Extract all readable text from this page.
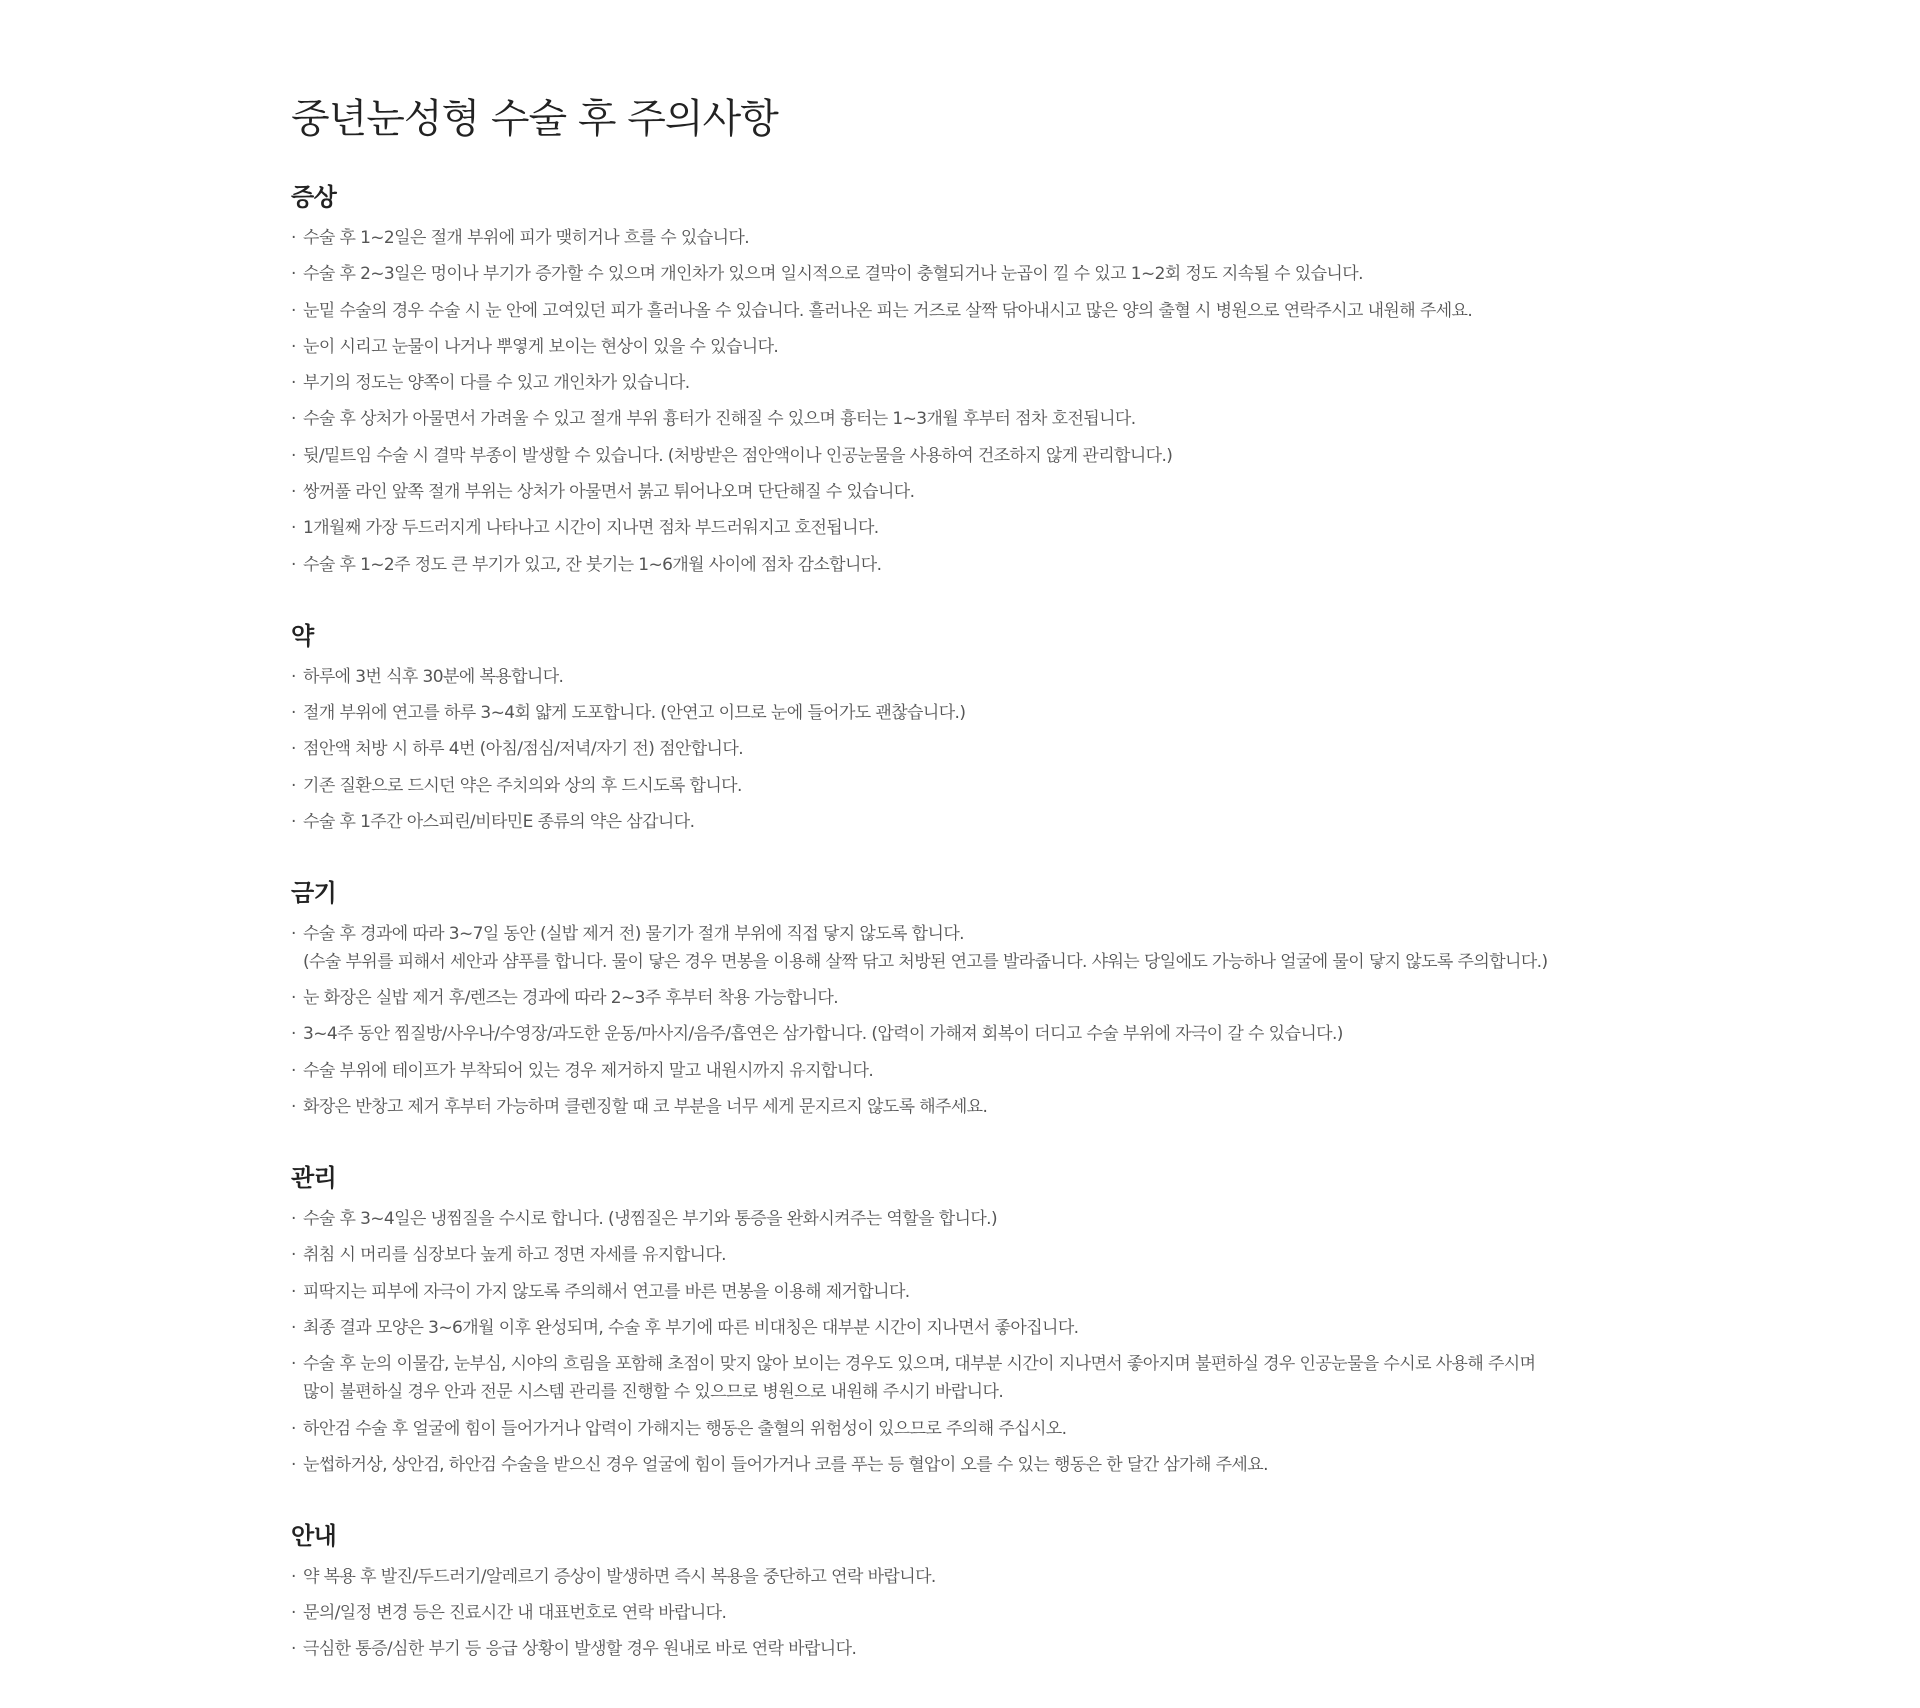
중년눈성형 수술 후 주의사항
증상
· 수술 후 1~2일은 절개 부위에 피가 맺히거나 흐를 수 있습니다.
· 수술 후 2~3일은 멍이나 부기가 증가할 수 있으며 개인차가 있으며 일시적으로 결막이 충혈되거나 눈곱이 낄 수 있고 1~2회 정도 지속될 수 있습니다.
· 눈밑 수술의 경우 수술 시 눈 안에 고여있던 피가 흘러나올 수 있습니다. 흘러나온 피는 거즈로 살짝 닦아내시고 많은 양의 출혈 시 병원으로 연락주시고 내원해 주세요.
· 눈이 시리고 눈물이 나거나 뿌옇게 보이는 현상이 있을 수 있습니다.
· 부기의 정도는 양쪽이 다를 수 있고 개인차가 있습니다.
· 수술 후 상처가 아물면서 가려울 수 있고 절개 부위 흉터가 진해질 수 있으며 흉터는 1~3개월 후부터 점차 호전됩니다.
· 뒷/밑트임 수술 시 결막 부종이 발생할 수 있습니다. (처방받은 점안액이나 인공눈물을 사용하여 건조하지 않게 관리합니다.)
· 쌍꺼풀 라인 앞쪽 절개 부위는 상처가 아물면서 붉고 튀어나오며 단단해질 수 있습니다.
· 1개월째 가장 두드러지게 나타나고 시간이 지나면 점차 부드러워지고 호전됩니다.
· 수술 후 1~2주 정도 큰 부기가 있고, 잔 붓기는 1~6개월 사이에 점차 감소합니다.
약
· 하루에 3번 식후 30분에 복용합니다.
· 절개 부위에 연고를 하루 3~4회 얇게 도포합니다. (안연고 이므로 눈에 들어가도 괜찮습니다.)
· 점안액 처방 시 하루 4번 (아침/점심/저녁/자기 전) 점안합니다.
· 기존 질환으로 드시던 약은 주치의와 상의 후 드시도록 합니다.
· 수술 후 1주간 아스피린/비타민E 종류의 약은 삼갑니다.
금기
· 수술 후 경과에 따라 3~7일 동안 (실밥 제거 전) 물기가 절개 부위에 직접 닿지 않도록 합니다.
(수술 부위를 피해서 세안과 샴푸를 합니다. 물이 닿은 경우 면봉을 이용해 살짝 닦고 처방된 연고를 발라줍니다. 샤워는 당일에도 가능하나 얼굴에 물이 닿지 않도록 주의합니다.)
· 눈 화장은 실밥 제거 후/렌즈는 경과에 따라 2~3주 후부터 착용 가능합니다.
· 3~4주 동안 찜질방/사우나/수영장/과도한 운동/마사지/음주/흡연은 삼가합니다. (압력이 가해져 회복이 더디고 수술 부위에 자극이 갈 수 있습니다.)
· 수술 부위에 테이프가 부착되어 있는 경우 제거하지 말고 내원시까지 유지합니다.
· 화장은 반창고 제거 후부터 가능하며 클렌징할 때 코 부분을 너무 세게 문지르지 않도록 해주세요.
관리
· 수술 후 3~4일은 냉찜질을 수시로 합니다. (냉찜질은 부기와 통증을 완화시켜주는 역할을 합니다.)
· 취침 시 머리를 심장보다 높게 하고 정면 자세를 유지합니다.
· 피딱지는 피부에 자극이 가지 않도록 주의해서 연고를 바른 면봉을 이용해 제거합니다.
· 최종 결과 모양은 3~6개월 이후 완성되며, 수술 후 부기에 따른 비대칭은 대부분 시간이 지나면서 좋아집니다.
· 수술 후 눈의 이물감, 눈부심, 시야의 흐림을 포함해 초점이 맞지 않아 보이는 경우도 있으며, 대부분 시간이 지나면서 좋아지며 불편하실 경우 인공눈물을 수시로 사용해 주시며
많이 불편하실 경우 안과 전문 시스템 관리를 진행할 수 있으므로 병원으로 내원해 주시기 바랍니다.
· 하안검 수술 후 얼굴에 힘이 들어가거나 압력이 가해지는 행동은 출혈의 위험성이 있으므로 주의해 주십시오.
· 눈썹하거상, 상안검, 하안검 수술을 받으신 경우 얼굴에 힘이 들어가거나 코를 푸는 등 혈압이 오를 수 있는 행동은 한 달간 삼가해 주세요.
안내
· 약 복용 후 발진/두드러기/알레르기 증상이 발생하면 즉시 복용을 중단하고 연락 바랍니다.
· 문의/일정 변경 등은 진료시간 내 대표번호로 연락 바랍니다.
· 극심한 통증/심한 부기 등 응급 상황이 발생할 경우 원내로 바로 연락 바랍니다.
